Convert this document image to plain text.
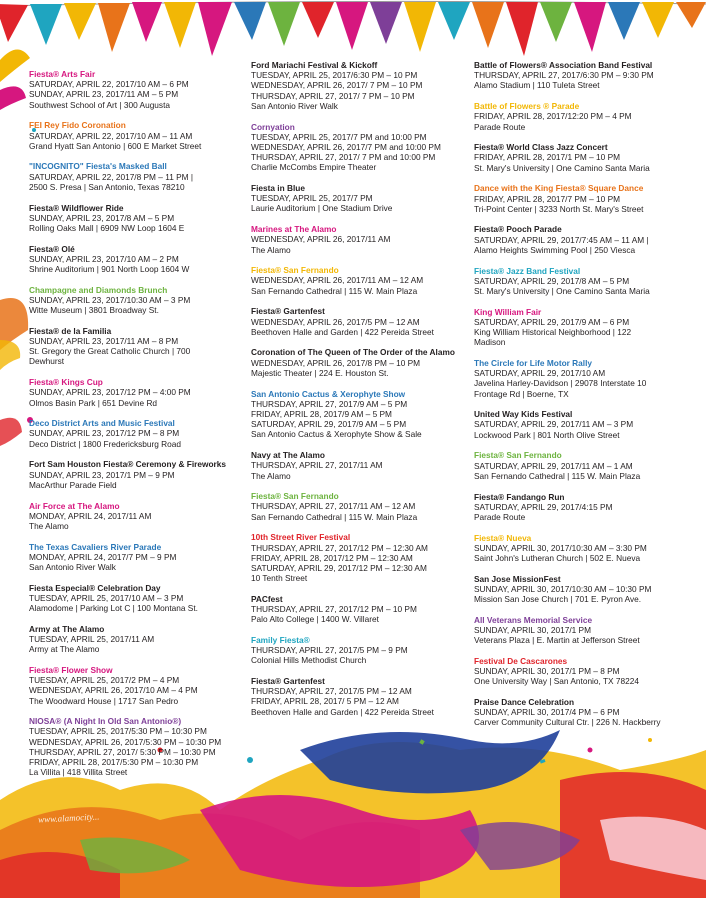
www.alamocity...
Fiesta® Arts Fair
SATURDAY, APRIL 22, 2017/10 AM – 6 PM
SUNDAY, APRIL 23, 2017/11 AM – 5 PM
Southwest School of Art | 300 Augusta
FEI Rey Fido Coronation
SATURDAY, APRIL 22, 2017/10 AM – 11 AM
Grand Hyatt San Antonio | 600 E Market Street
"INCOGNITO" Fiesta's Masked Ball
SATURDAY, APRIL 22, 2017/8 PM – 11 PM |
2500 S. Presa | San Antonio, Texas 78210
Fiesta® Wildflower Ride
SUNDAY, APRIL 23, 2017/8 AM – 5 PM
Rolling Oaks Mall | 6909 NW Loop 1604 E
Fiesta® Olé
SUNDAY, APRIL 23, 2017/10 AM – 2 PM
Shrine Auditorium | 901 North Loop 1604 W
Champagne and Diamonds Brunch
SUNDAY, APRIL 23, 2017/10:30 AM – 3 PM
Witte Museum | 3801 Broadway St.
Fiesta® de la Familia
SUNDAY, APRIL 23, 2017/11 AM – 8 PM
St. Gregory the Great Catholic Church | 700
Dewhurst
Fiesta® Kings Cup
SUNDAY, APRIL 23, 2017/12 PM – 4:00 PM
Olmos Basin Park | 651 Devine Rd
Deco District Arts and Music Festival
SUNDAY, APRIL 23, 2017/12 PM – 8 PM
Deco District | 1800 Fredericksburg Road
Fort Sam Houston Fiesta® Ceremony & Fireworks
SUNDAY, APRIL 23, 2017/1 PM – 9 PM
MacArthur Parade Field
Air Force at The Alamo
MONDAY, APRIL 24, 2017/11 AM
The Alamo
The Texas Cavaliers River Parade
MONDAY, APRIL 24, 2017/7 PM – 9 PM
San Antonio River Walk
Fiesta Especial® Celebration Day
TUESDAY, APRIL 25, 2017/10 AM – 3 PM
Alamodome | Parking Lot C | 100 Montana St.
Army at The Alamo
TUESDAY, APRIL 25, 2017/11 AM
Army at The Alamo
Fiesta® Flower Show
TUESDAY, APRIL 25, 2017/2 PM – 4 PM
WEDNESDAY, APRIL 26, 2017/10 AM – 4 PM
The Woodward House | 1717 San Pedro
NIOSA® (A Night In Old San Antonio®)
TUESDAY, APRIL 25, 2017/5:30 PM – 10:30 PM
WEDNESDAY, APRIL 26, 2017/5:30 PM – 10:30 PM
THURSDAY, APRIL 27, 2017/ 5:30 PM – 10:30 PM
FRIDAY, APRIL 28, 2017/5:30 PM – 10:30 PM
La Villita | 418 Villita Street
Ford Mariachi Festival & Kickoff
TUESDAY, APRIL 25, 2017/6:30 PM – 10 PM
WEDNESDAY, APRIL 26, 2017/ 7 PM – 10 PM
THURSDAY, APRIL 27, 2017/ 7 PM – 10 PM
San Antonio River Walk
Cornyation
TUESDAY, APRIL 25, 2017/7 PM and 10:00 PM
WEDNESDAY, APRIL 26, 2017/7 PM and 10:00 PM
THURSDAY, APRIL 27, 2017/ 7 PM and 10:00 PM
Charlie McCombs Empire Theater
Fiesta in Blue
TUESDAY, APRIL 25, 2017/7 PM
Laurie Auditorium | One Stadium Drive
Marines at The Alamo
WEDNESDAY, APRIL 26, 2017/11 AM
The Alamo
Fiesta® San Fernando
WEDNESDAY, APRIL 26, 2017/11 AM – 12 AM
San Fernando Cathedral | 115 W. Main Plaza
Fiesta® Gartenfest
WEDNESDAY, APRIL 26, 2017/5 PM – 12 AM
Beethoven Halle and Garden | 422 Pereida Street
Coronation of The Queen of The Order of the Alamo
WEDNESDAY, APRIL 26, 2017/8 PM – 10 PM
Majestic Theater | 224 E. Houston St.
San Antonio Cactus & Xerophyte Show
THURSDAY, APRIL 27, 2017/9 AM – 5 PM
FRIDAY, APRIL 28, 2017/9 AM – 5 PM
SATURDAY, APRIL 29, 2017/9 AM – 5 PM
San Antonio Cactus & Xerophyte Show & Sale
Navy at The Alamo
THURSDAY, APRIL 27, 2017/11 AM
The Alamo
Fiesta® San Fernando
THURSDAY, APRIL 27, 2017/11 AM – 12 AM
San Fernando Cathedral | 115 W. Main Plaza
10th Street River Festival
THURSDAY, APRIL 27, 2017/12 PM – 12:30 AM
FRIDAY, APRIL 28, 2017/12 PM – 12:30 AM
SATURDAY, APRIL 29, 2017/12 PM – 12:30 AM
10 Tenth Street
PACfest
THURSDAY, APRIL 27, 2017/12 PM – 10 PM
Palo Alto College | 1400 W. Villaret
Family Fiesta®
THURSDAY, APRIL 27, 2017/5 PM – 9 PM
Colonial Hills Methodist Church
Fiesta® Gartenfest
THURSDAY, APRIL 27, 2017/5 PM – 12 AM
FRIDAY, APRIL 28, 2017/ 5 PM – 12 AM
Beethoven Halle and Garden | 422 Pereida Street
Battle of Flowers® Association Band Festival
THURSDAY, APRIL 27, 2017/6:30 PM – 9:30 PM
Alamo Stadium | 110 Tuleta Street
Battle of Flowers ® Parade
FRIDAY, APRIL 28, 2017/12:20 PM – 4 PM
Parade Route
Fiesta® World Class Jazz Concert
FRIDAY, APRIL 28, 2017/1 PM – 10 PM
St. Mary's University | One Camino Santa Maria
Dance with the King Fiesta® Square Dance
FRIDAY, APRIL 28, 2017/7 PM – 10 PM
Tri-Point Center | 3233 North St. Mary's Street
Fiesta® Pooch Parade
SATURDAY, APRIL 29, 2017/7:45 AM – 11 AM |
Alamo Heights Swimming Pool | 250 Viesca
Fiesta® Jazz Band Festival
SATURDAY, APRIL 29, 2017/8 AM – 5 PM
St. Mary's University | One Camino Santa Maria
King William Fair
SATURDAY, APRIL 29, 2017/9 AM – 6 PM
King William Historical Neighborhood | 122
Madison
The Circle for Life Motor Rally
SATURDAY, APRIL 29, 2017/10 AM
Javelina Harley-Davidson | 29078 Interstate 10
Frontage Rd | Boerne, TX
United Way Kids Festival
SATURDAY, APRIL 29, 2017/11 AM – 3 PM
Lockwood Park | 801 North Olive Street
Fiesta® San Fernando
SATURDAY, APRIL 29, 2017/11 AM – 1 AM
San Fernando Cathedral | 115 W. Main Plaza
Fiesta® Fandango Run
SATURDAY, APRIL 29, 2017/4:15 PM
Parade Route
Fiesta® Nueva
SUNDAY, APRIL 30, 2017/10:30 AM – 3:30 PM
Saint John's Lutheran Church | 502 E. Nueva
San Jose MissionFest
SUNDAY, APRIL 30, 2017/10:30 AM – 10:30 PM
Mission San Jose Church | 701 E. Pyron Ave.
All Veterans Memorial Service
SUNDAY, APRIL 30, 2017/1 PM
Veterans Plaza | E. Martin at Jefferson Street
Festival De Cascarones
SUNDAY, APRIL 30, 2017/1 PM – 8 PM
One University Way | San Antonio, TX 78224
Praise Dance Celebration
SUNDAY, APRIL 30, 2017/4 PM – 6 PM
Carver Community Cultural Ctr. | 226 N. Hackberry
